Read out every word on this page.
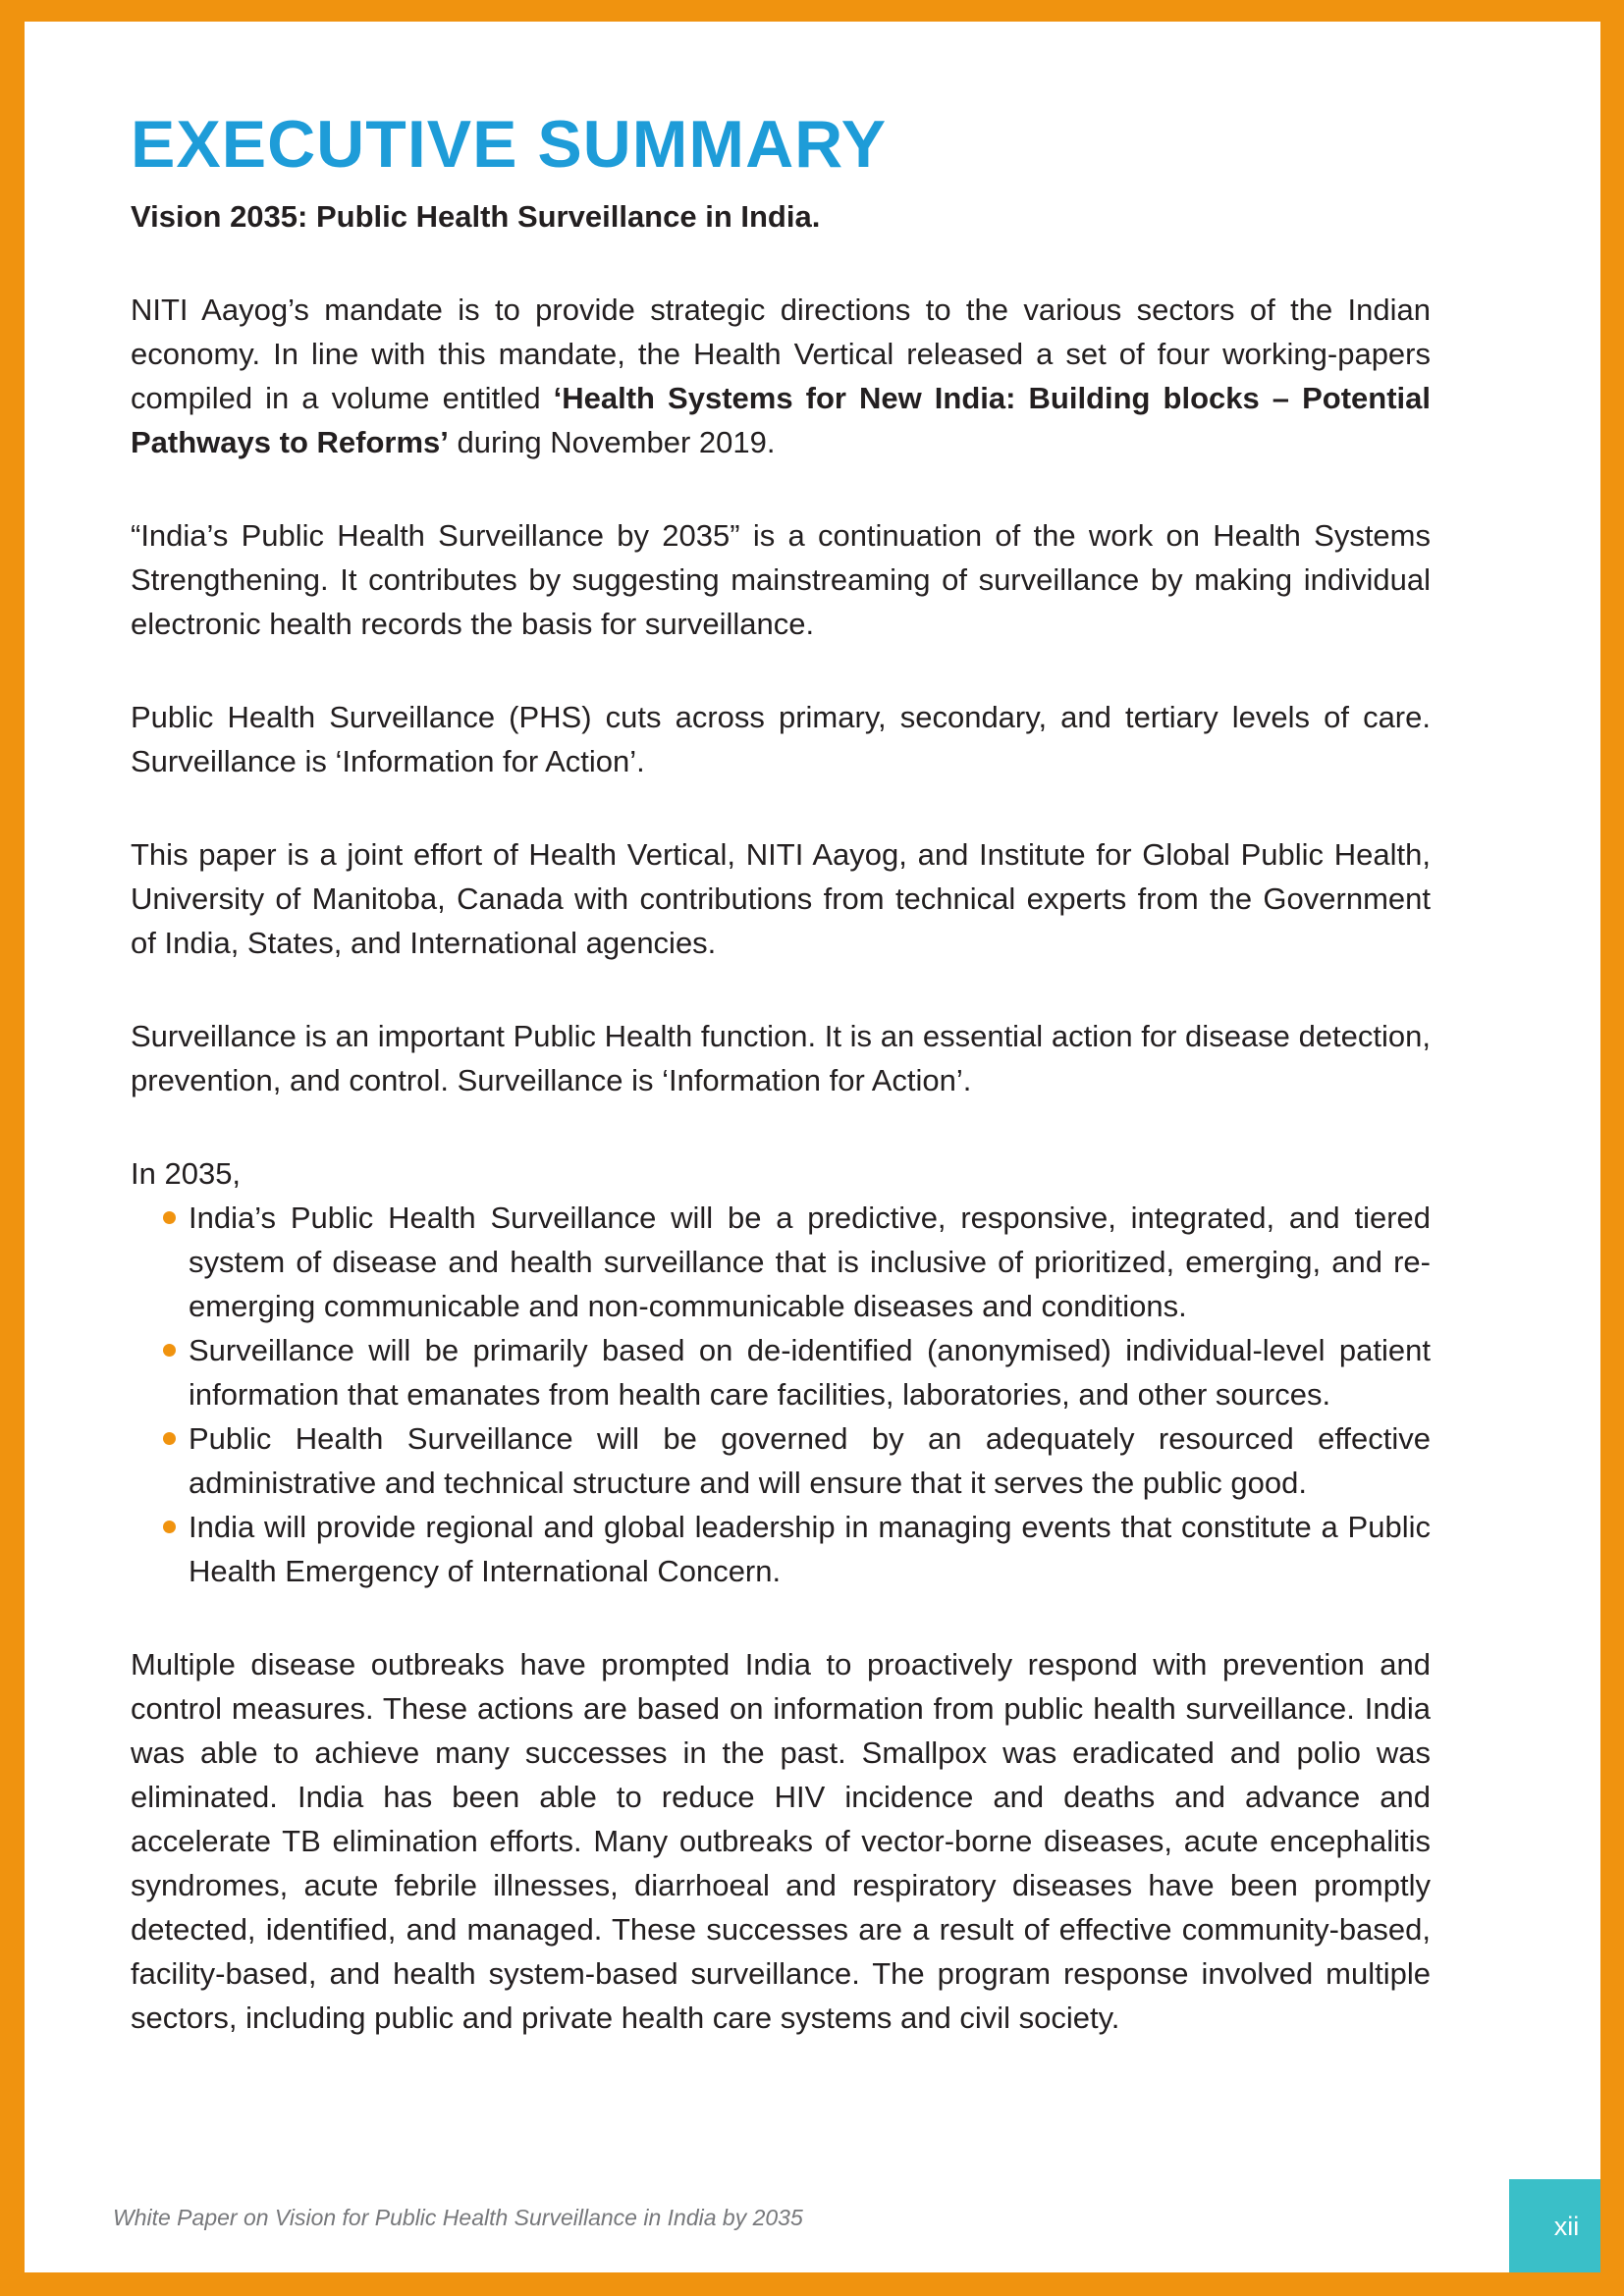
EXECUTIVE SUMMARY

Vision 2035: Public Health Surveillance in India.

NITI Aayog’s mandate is to provide strategic directions to the various sectors of the Indian economy. In line with this mandate, the Health Vertical released a set of four working-papers compiled in a volume entitled ‘Health Systems for New India: Building blocks – Potential Pathways to Reforms’ during November 2019.

“India’s Public Health Surveillance by 2035” is a continuation of the work on Health Systems Strengthening. It contributes by suggesting mainstreaming of surveillance by making individual electronic health records the basis for surveillance.

Public Health Surveillance (PHS) cuts across primary, secondary, and tertiary levels of care. Surveillance is ‘Information for Action’.

This paper is a joint effort of Health Vertical, NITI Aayog, and Institute for Global Public Health, University of Manitoba, Canada with contributions from technical experts from the Government of India, States, and International agencies.

Surveillance is an important Public Health function. It is an essential action for disease detection, prevention, and control. Surveillance is ‘Information for Action’.

In 2035,

India’s Public Health Surveillance will be a predictive, responsive, integrated, and tiered system of disease and health surveillance that is inclusive of prioritized, emerging, and re-emerging communicable and non-communicable diseases and conditions.
Surveillance will be primarily based on de-identified (anonymised) individual-level patient information that emanates from health care facilities, laboratories, and other sources.
Public Health Surveillance will be governed by an adequately resourced effective administrative and technical structure and will ensure that it serves the public good.
India will provide regional and global leadership in managing events that constitute a Public Health Emergency of International Concern.

Multiple disease outbreaks have prompted India to proactively respond with prevention and control measures. These actions are based on information from public health surveillance. India was able to achieve many successes in the past. Smallpox was eradicated and polio was eliminated. India has been able to reduce HIV incidence and deaths and advance and accelerate TB elimination efforts. Many outbreaks of vector-borne diseases, acute encephalitis syndromes, acute febrile illnesses, diarrhoeal and respiratory diseases have been promptly detected, identified, and managed. These successes are a result of effective community-based, facility-based, and health system-based surveillance. The program response involved multiple sectors, including public and private health care systems and civil society.

White Paper on Vision for Public Health Surveillance in India by 2035	xii
